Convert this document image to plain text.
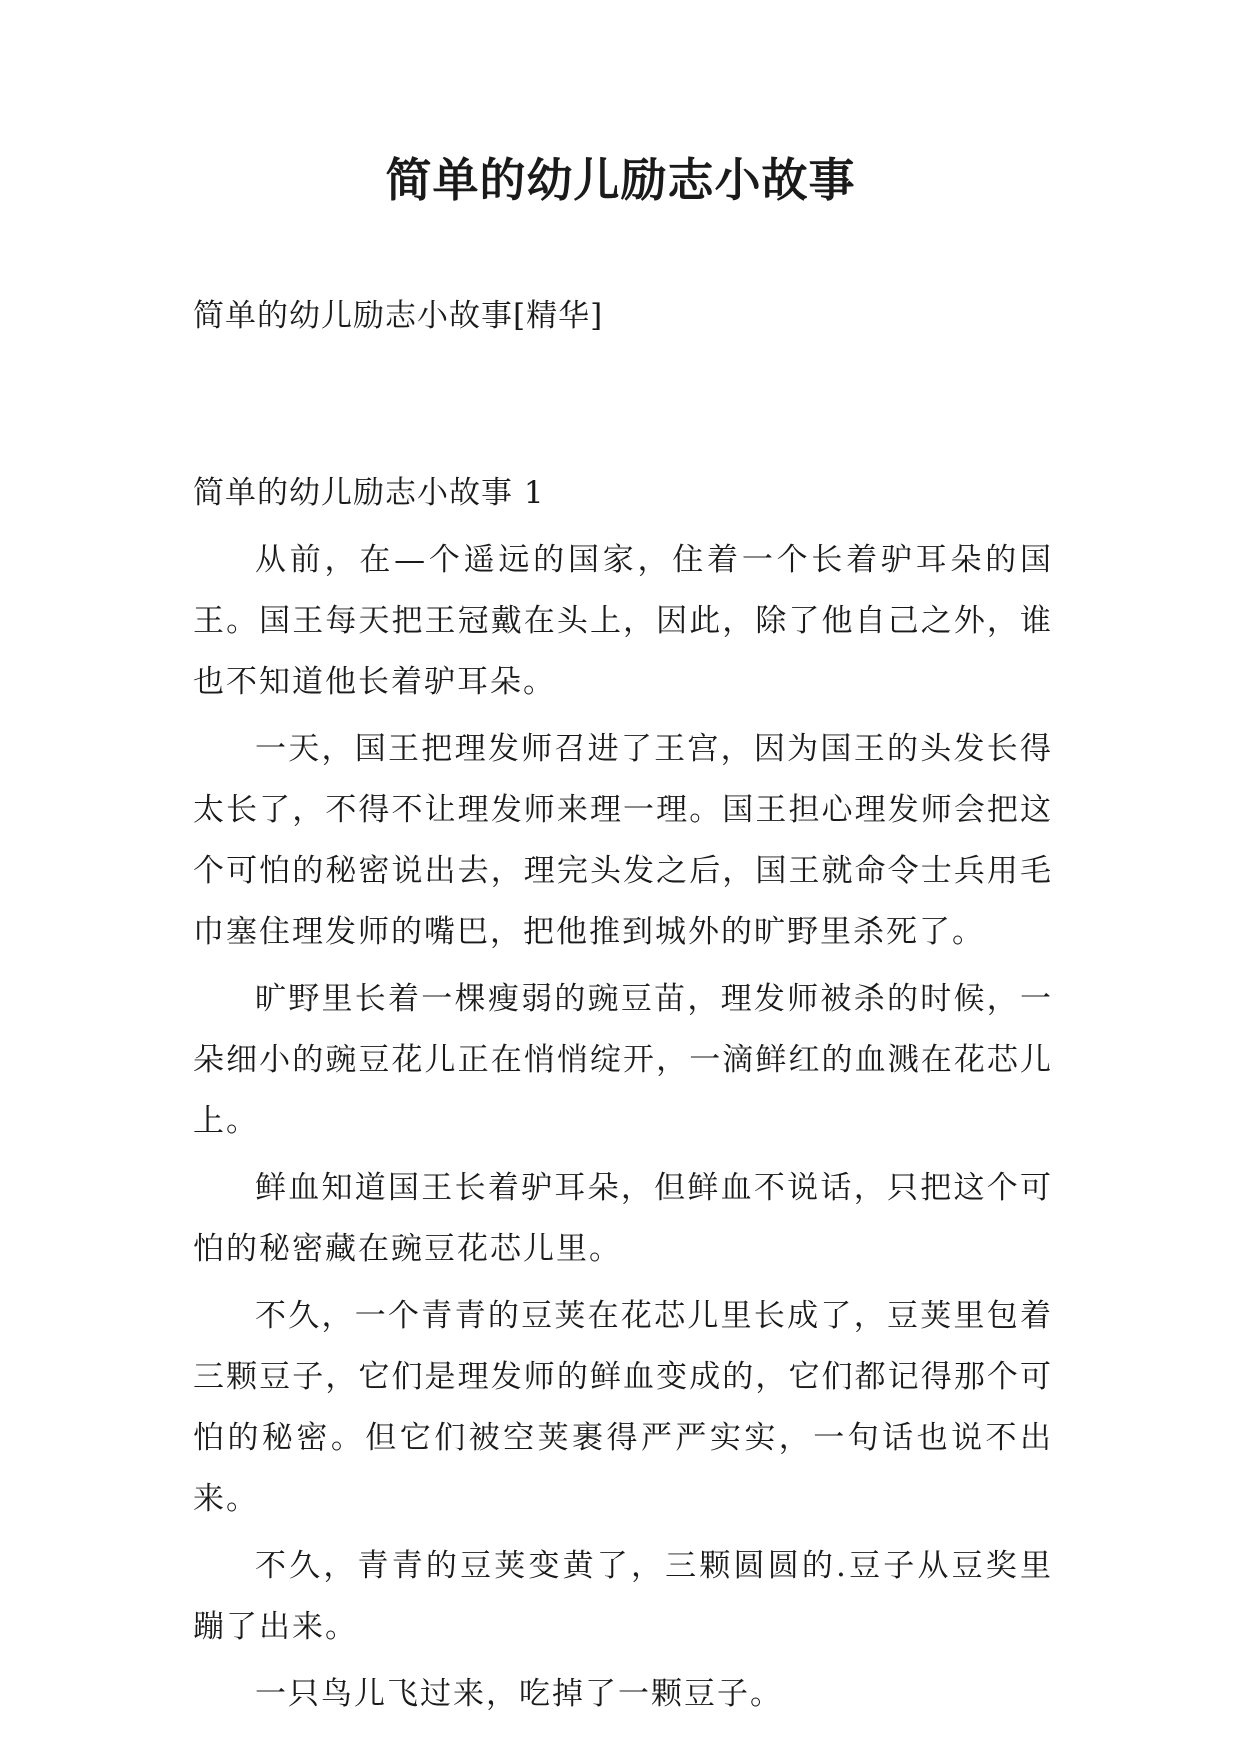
简单的幼儿励志小故事
简单的幼儿励志小故事[精华]
简单的幼儿励志小故事 1

从前，在—个遥远的国家，住着一个长着驴耳朵的国王。国王每天把王冠戴在头上，因此，除了他自己之外，谁也不知道他长着驴耳朵。

一天，国王把理发师召进了王宫，因为国王的头发长得太长了，不得不让理发师来理一理。国王担心理发师会把这个可怕的秘密说出去，理完头发之后，国王就命令士兵用毛巾塞住理发师的嘴巴，把他推到城外的旷野里杀死了。

旷野里长着一棵瘦弱的豌豆苗，理发师被杀的时候，一朵细小的豌豆花儿正在悄悄绽开，一滴鲜红的血溅在花芯儿上。

鲜血知道国王长着驴耳朵，但鲜血不说话，只把这个可怕的秘密藏在豌豆花芯儿里。

不久，一个青青的豆荚在花芯儿里长成了，豆荚里包着三颗豆子，它们是理发师的鲜血变成的，它们都记得那个可怕的秘密。但它们被空荚裹得严严实实，一句话也说不出来。

不久，青青的豆荚变黄了，三颗圆圆的.豆子从豆奖里蹦了出来。

一只鸟儿飞过来，吃掉了一颗豆子。
